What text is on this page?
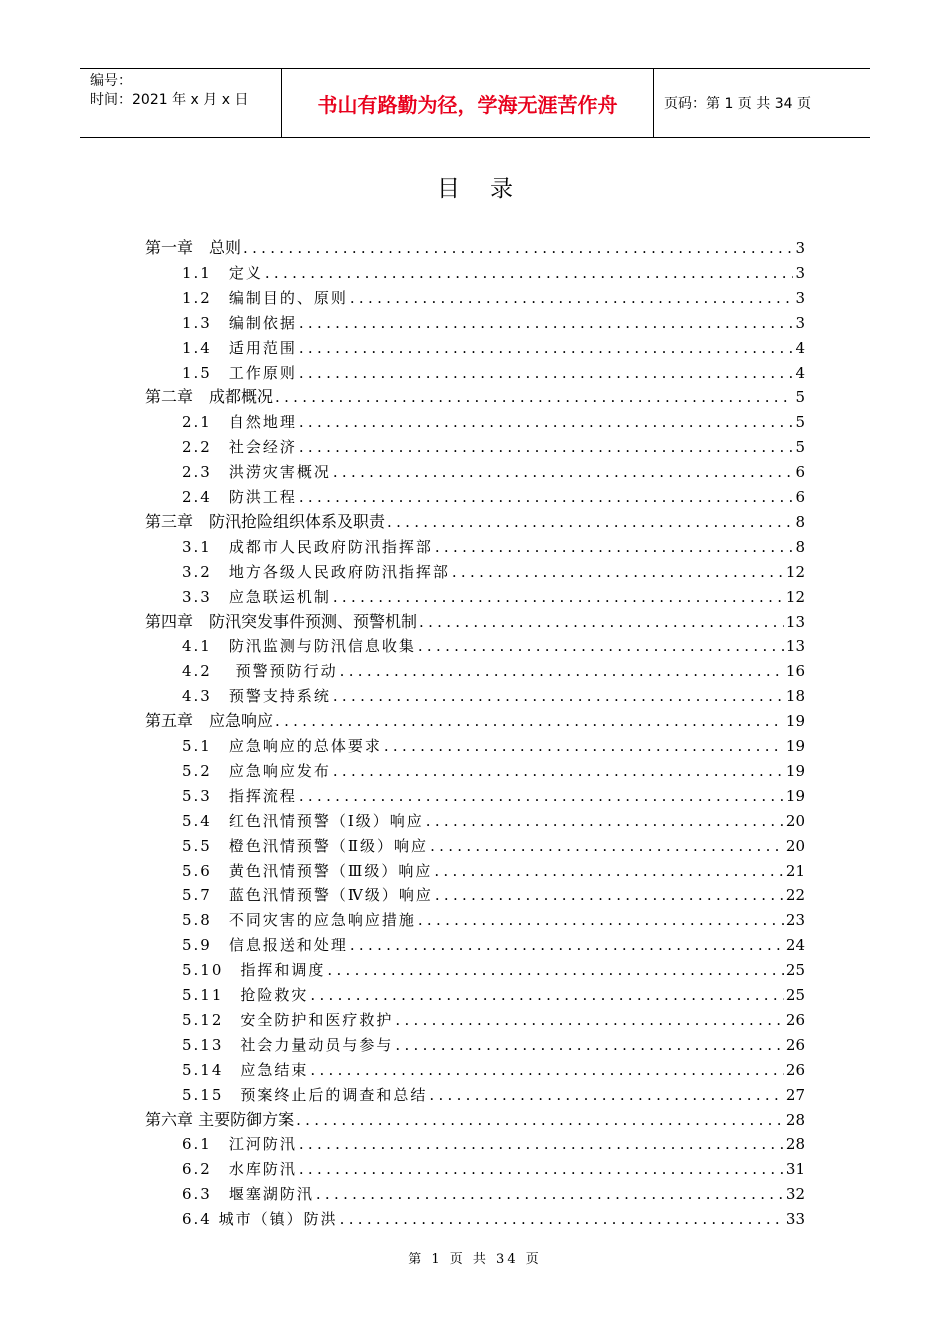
编号：
时间：2021 年 x 月 x 日	书山有路勤为径，学海无涯苦作舟	页码：第 1 页 共 34 页
目录
第一章　总则 .....	3
1.1　定义 .....	3
1.2　编制目的、原则 .....	3
1.3　编制依据 .....	3
1.4　适用范围 .....	4
1.5　工作原则 .....	4
第二章　成都概况 .....	5
2.1　自然地理 .....	5
2.2　社会经济 .....	5
2.3　洪涝灾害概况 .....	6
2.4　防洪工程 .....	6
第三章　防汛抢险组织体系及职责 .....	8
3.1　成都市人民政府防汛指挥部 .....	8
3.2　地方各级人民政府防汛指挥部 .....	12
3.3　应急联运机制 .....	12
第四章　防汛突发事件预测、预警机制 .....	13
4.1　防汛监测与防汛信息收集 .....	13
4.2　 预警预防行动 .....	16
4.3　预警支持系统 .....	18
第五章　应急响应 .....	19
5.1　应急响应的总体要求 .....	19
5.2　应急响应发布 .....	19
5.3　指挥流程 .....	19
5.4　红色汛情预警（Ⅰ级）响应 .....	20
5.5　橙色汛情预警（Ⅱ级）响应 .....	20
5.6　黄色汛情预警（Ⅲ级）响应 .....	21
5.7　蓝色汛情预警（Ⅳ级）响应 .....	22
5.8　不同灾害的应急响应措施 .....	23
5.9　信息报送和处理 .....	24
5.10　指挥和调度 .....	25
5.11　抢险救灾 .....	25
5.12　安全防护和医疗救护 .....	26
5.13　社会力量动员与参与 .....	26
5.14　应急结束 .....	26
5.15　预案终止后的调查和总结 .....	27
第六章 主要防御方案 .....	28
6.1　江河防汛 .....	28
6.2　水库防汛 .....	31
6.3　堰塞湖防汛 .....	32
6.4 城市（镇）防洪 .....	33
第 1 页 共 34 页
